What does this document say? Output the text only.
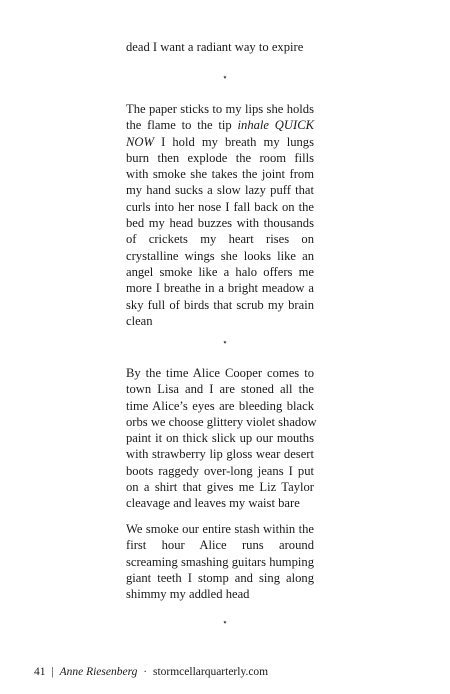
dead I want a radiant way to expire
⋆
The paper sticks to my lips she holds
the flame to the tip inhale QUICK
NOW I hold my breath my lungs
burn then explode the room fills
with smoke she takes the joint from
my hand sucks a slow lazy puff that
curls into her nose I fall back on the
bed my head buzzes with thousands
of crickets my heart rises on
crystalline wings she looks like an
angel smoke like a halo offers me
more I breathe in a bright meadow a
sky full of birds that scrub my brain
clean
⋆
By the time Alice Cooper comes to
town Lisa and I are stoned all the
time Alice’s eyes are bleeding black
orbs we choose glittery violet shadow
paint it on thick slick up our mouths
with strawberry lip gloss wear desert
boots raggedy over-long jeans I put
on a shirt that gives me Liz Taylor
cleavage and leaves my waist bare
We smoke our entire stash within the
first hour Alice runs around
screaming smashing guitars humping
giant teeth I stomp and sing along
shimmy my addled head
⋆
41 | Anne Riesenberg · stormcellarquarterly.com
